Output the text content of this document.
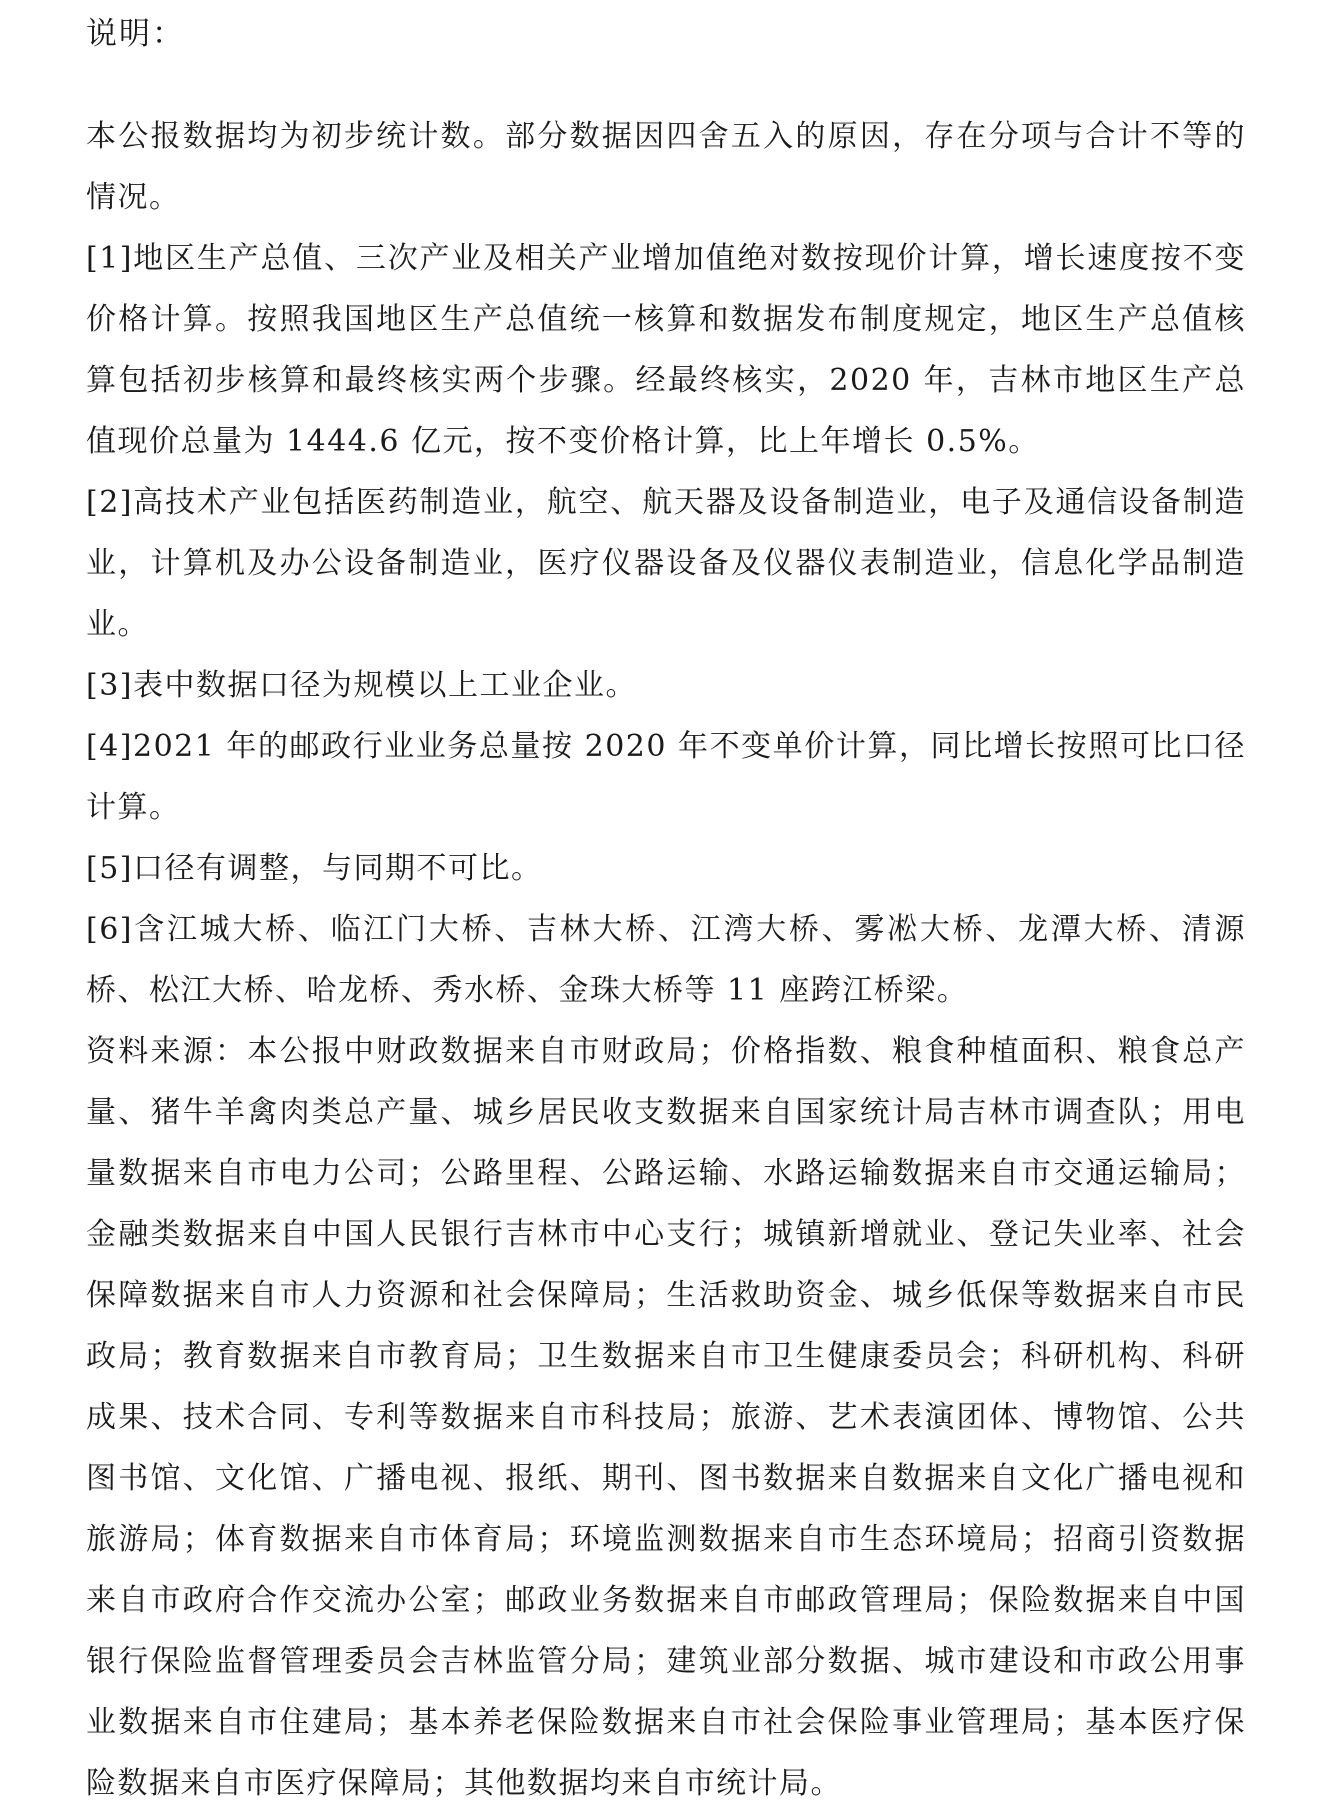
说明：

本公报数据均为初步统计数。部分数据因四舍五入的原因，存在分项与合计不等的情况。

[1]地区生产总值、三次产业及相关产业增加值绝对数按现价计算，增长速度按不变价格计算。按照我国地区生产总值统一核算和数据发布制度规定，地区生产总值核算包括初步核算和最终核实两个步骤。经最终核实，2020 年，吉林市地区生产总值现价总量为 1444.6 亿元，按不变价格计算，比上年增长 0.5%。

[2]高技术产业包括医药制造业，航空、航天器及设备制造业，电子及通信设备制造业，计算机及办公设备制造业，医疗仪器设备及仪器仪表制造业，信息化学品制造业。

[3]表中数据口径为规模以上工业企业。

[4]2021 年的邮政行业业务总量按 2020 年不变单价计算，同比增长按照可比口径计算。

[5]口径有调整，与同期不可比。

[6]含江城大桥、临江门大桥、吉林大桥、江湾大桥、雾凇大桥、龙潭大桥、清源桥、松江大桥、哈龙桥、秀水桥、金珠大桥等 11 座跨江桥梁。

资料来源：本公报中财政数据来自市财政局；价格指数、粮食种植面积、粮食总产量、猪牛羊禽肉类总产量、城乡居民收支数据来自国家统计局吉林市调查队；用电量数据来自市电力公司；公路里程、公路运输、水路运输数据来自市交通运输局；金融类数据来自中国人民银行吉林市中心支行；城镇新增就业、登记失业率、社会保障数据来自市人力资源和社会保障局；生活救助资金、城乡低保等数据来自市民政局；教育数据来自市教育局；卫生数据来自市卫生健康委员会；科研机构、科研成果、技术合同、专利等数据来自市科技局；旅游、艺术表演团体、博物馆、公共图书馆、文化馆、广播电视、报纸、期刊、图书数据来自数据来自文化广播电视和旅游局；体育数据来自市体育局；环境监测数据来自市生态环境局；招商引资数据来自市政府合作交流办公室；邮政业务数据来自市邮政管理局；保险数据来自中国银行保险监督管理委员会吉林监管分局；建筑业部分数据、城市建设和市政公用事业数据来自市住建局；基本养老保险数据来自市社会保险事业管理局；基本医疗保险数据来自市医疗保障局；其他数据均来自市统计局。
